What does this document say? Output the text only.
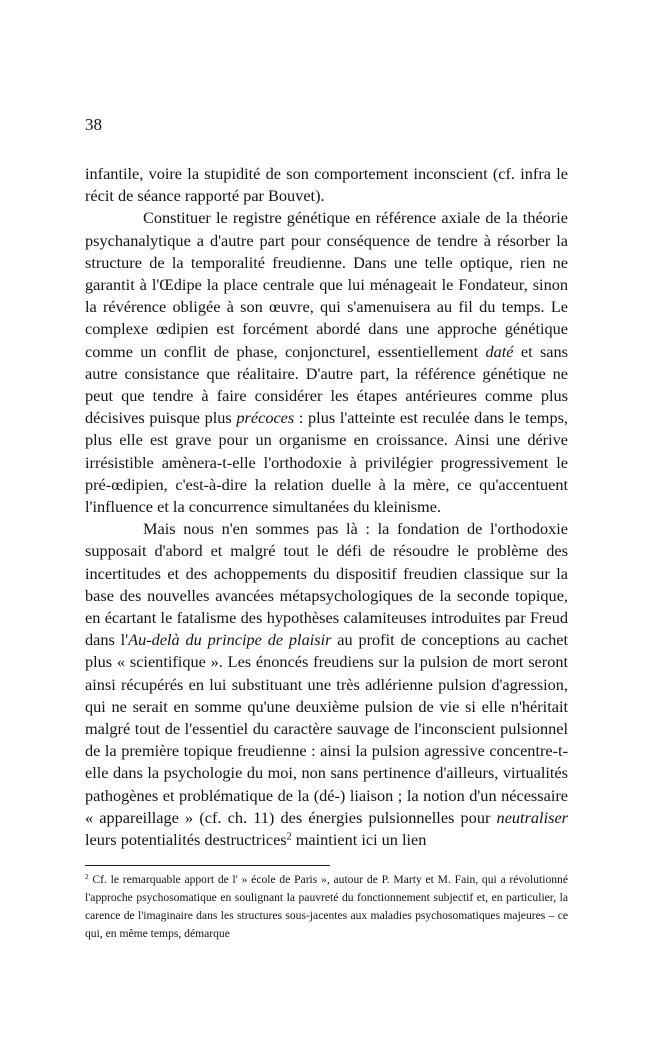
38

infantile, voire la stupidité de son comportement inconscient (cf. infra le récit de séance rapporté par Bouvet).

Constituer le registre génétique en référence axiale de la théorie psychanalytique a d'autre part pour conséquence de tendre à résorber la structure de la temporalité freudienne. Dans une telle optique, rien ne garantit à l'Œdipe la place centrale que lui ménageait le Fondateur, sinon la révérence obligée à son œuvre, qui s'amenuisera au fil du temps. Le complexe œdipien est forcément abordé dans une approche génétique comme un conflit de phase, conjoncturel, essentiellement daté et sans autre consistance que réalitaire. D'autre part, la référence génétique ne peut que tendre à faire considérer les étapes antérieures comme plus décisives puisque plus précoces : plus l'atteinte est reculée dans le temps, plus elle est grave pour un organisme en croissance. Ainsi une dérive irrésistible amènera-t-elle l'orthodoxie à privilégier progressivement le pré-œdipien, c'est-à-dire la relation duelle à la mère, ce qu'accentuent l'influence et la concurrence simultanées du kleinisme.

Mais nous n'en sommes pas là : la fondation de l'orthodoxie supposait d'abord et malgré tout le défi de résoudre le problème des incertitudes et des achoppements du dispositif freudien classique sur la base des nouvelles avancées métapsychologiques de la seconde topique, en écartant le fatalisme des hypothèses calamiteuses introduites par Freud dans l'Au-delà du principe de plaisir au profit de conceptions au cachet plus « scientifique ». Les énoncés freudiens sur la pulsion de mort seront ainsi récupérés en lui substituant une très adlérienne pulsion d'agression, qui ne serait en somme qu'une deuxième pulsion de vie si elle n'héritait malgré tout de l'essentiel du caractère sauvage de l'inconscient pulsionnel de la première topique freudienne : ainsi la pulsion agressive concentre-t-elle dans la psychologie du moi, non sans pertinence d'ailleurs, virtualités pathogènes et problématique de la (dé-) liaison ; la notion d'un nécessaire « appareillage » (cf. ch. 11) des énergies pulsionnelles pour neutraliser leurs potentialités destructrices$^2$ maintient ici un lien

$^2$ Cf. le remarquable apport de l' » école de Paris », autour de P. Marty et M. Fain, qui a révolutionné l'approche psychosomatique en soulignant la pauvreté du fonctionnement subjectif et, en particulier, la carence de l'imaginaire dans les structures sous-jacentes aux maladies psychosomatiques majeures – ce qui, en même temps, démarque
